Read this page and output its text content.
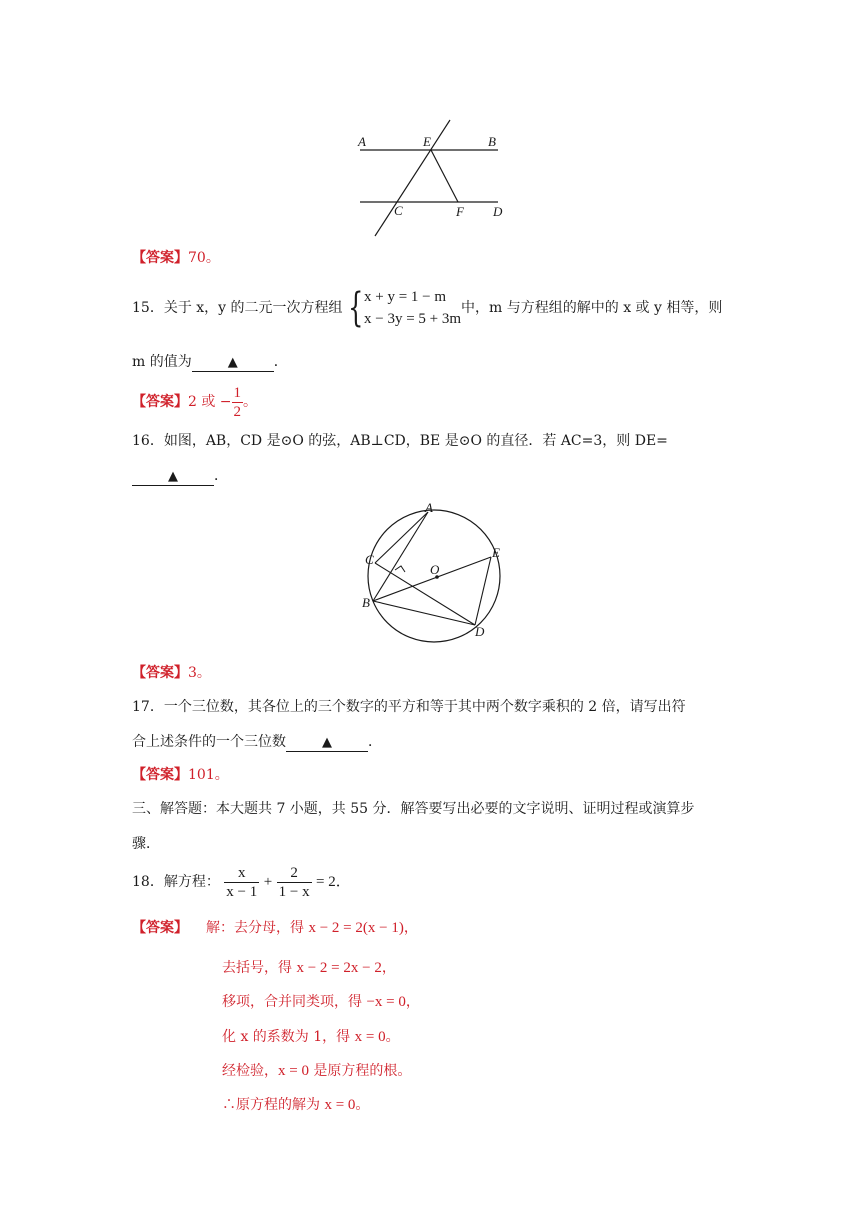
A	E	B
C	F D
【答案】70。
15．关于 x，y 的二元一次方程组 { x + y = 1 − m
x − 3y = 5 + 3m
中，m 与方程组的解中的 x 或 y 相等，则
m 的值为	▲	．
【答案】2 或 − $\frac{1}{2}$ 。
16．如图，AB，CD 是⊙O 的弦，AB⊥CD，BE 是⊙O 的直径．若 AC=3，则 DE=
▲	．
A
C
O
E
B
D
【答案】3。
17．一个三位数，其各位上的三个数字的平方和等于其中两个数字乘积的 2 倍，请写出符
合上述条件的一个三位数	▲	．
【答案】101。
三、解答题：本大题共 7 小题，共 55 分．解答要写出必要的文字说明、证明过程或演算步
骤．
18．解方程： $\frac{x}{x - 1} + \frac{2}{1 - x} = 2$．
【答案】 解：去分母，得 x − 2 = 2(x − 1)，
去括号，得 x − 2 = 2x − 2，
移项，合并同类项，得 −x = 0，
化 x 的系数为 1，得 x = 0。
经检验，x = 0 是原方程的根。
∴原方程的解为 x = 0。
